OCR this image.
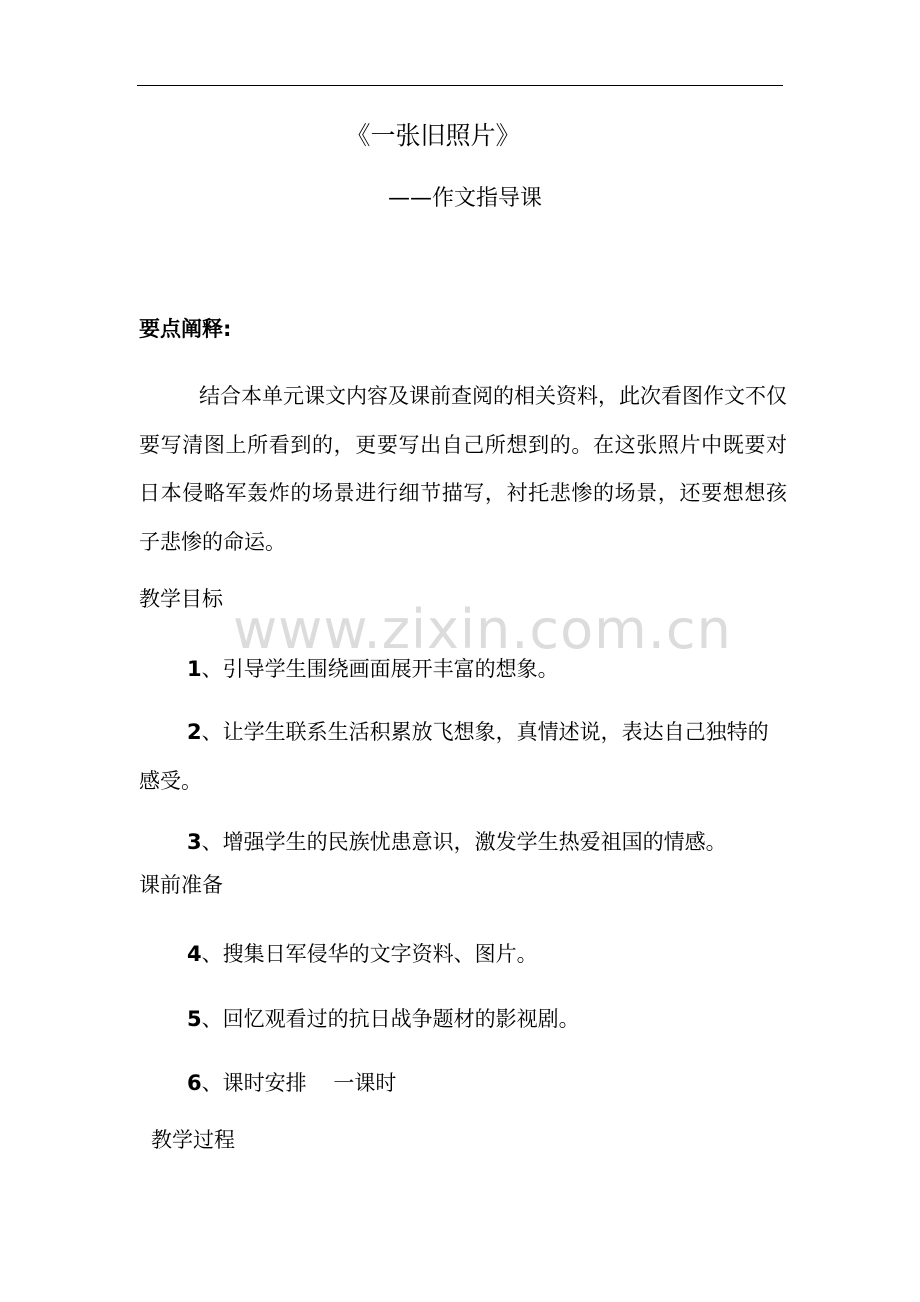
《一张旧照片》
——作文指导课
要点阐释:

结合本单元课文内容及课前查阅的相关资料，此次看图作文不仅要写清图上所看到的，更要写出自己所想到的。在这张照片中既要对日本侵略军轰炸的场景进行细节描写，衬托悲惨的场景，还要想想孩子悲惨的命运。

教学目标

1、引导学生围绕画面展开丰富的想象。

2、让学生联系生活积累放飞想象，真情述说，表达自己独特的感受。

3、增强学生的民族忧患意识，激发学生热爱祖国的情感。

课前准备

4、搜集日军侵华的文字资料、图片。

5、回忆观看过的抗日战争题材的影视剧。

6、课时安排    一课时

教学过程
www.zixin.com.cn
